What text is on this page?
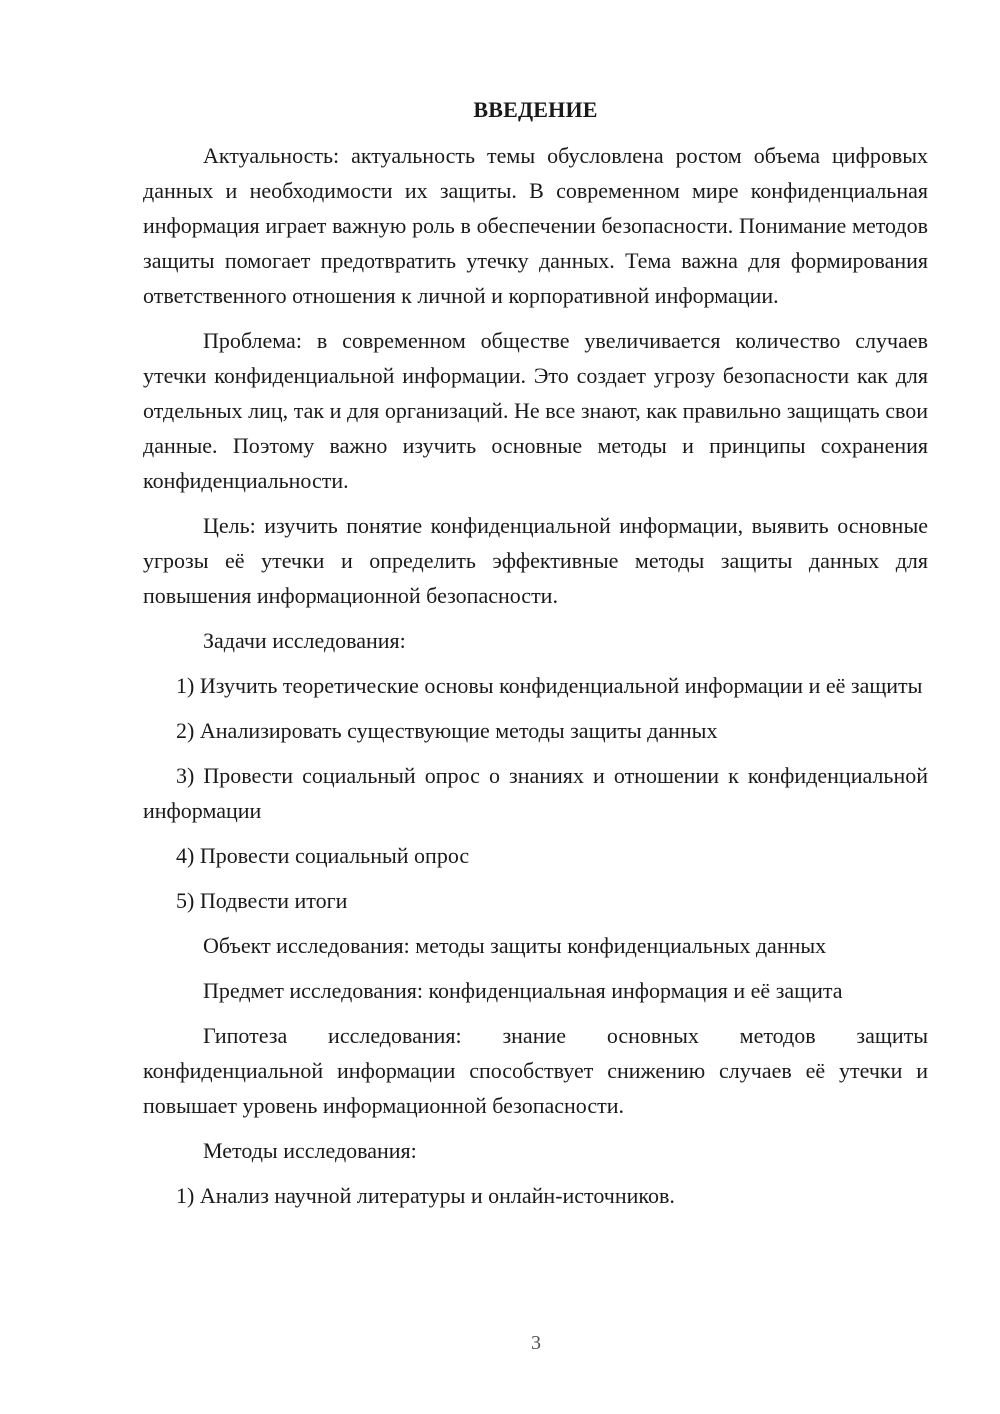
ВВЕДЕНИЕ
Актуальность: актуальность темы обусловлена ростом объема цифровых данных и необходимости их защиты. В современном мире конфиденциальная информация играет важную роль в обеспечении безопасности. Понимание методов защиты помогает предотвратить утечку данных. Тема важна для формирования ответственного отношения к личной и корпоративной информации.
Проблема: в современном обществе увеличивается количество случаев утечки конфиденциальной информации. Это создает угрозу безопасности как для отдельных лиц, так и для организаций. Не все знают, как правильно защищать свои данные. Поэтому важно изучить основные методы и принципы сохранения конфиденциальности.
Цель: изучить понятие конфиденциальной информации, выявить основные угрозы её утечки и определить эффективные методы защиты данных для повышения информационной безопасности.
Задачи исследования:
1) Изучить теоретические основы конфиденциальной информации и её защиты
2) Анализировать существующие методы защиты данных
3) Провести социальный опрос о знаниях и отношении к конфиденциальной информации
4) Провести социальный опрос
5) Подвести итоги
Объект исследования: методы защиты конфиденциальных данных
Предмет исследования: конфиденциальная информация и её защита
Гипотеза исследования: знание основных методов защиты конфиденциальной информации способствует снижению случаев её утечки и повышает уровень информационной безопасности.
Методы исследования:
1) Анализ научной литературы и онлайн-источников.
3
